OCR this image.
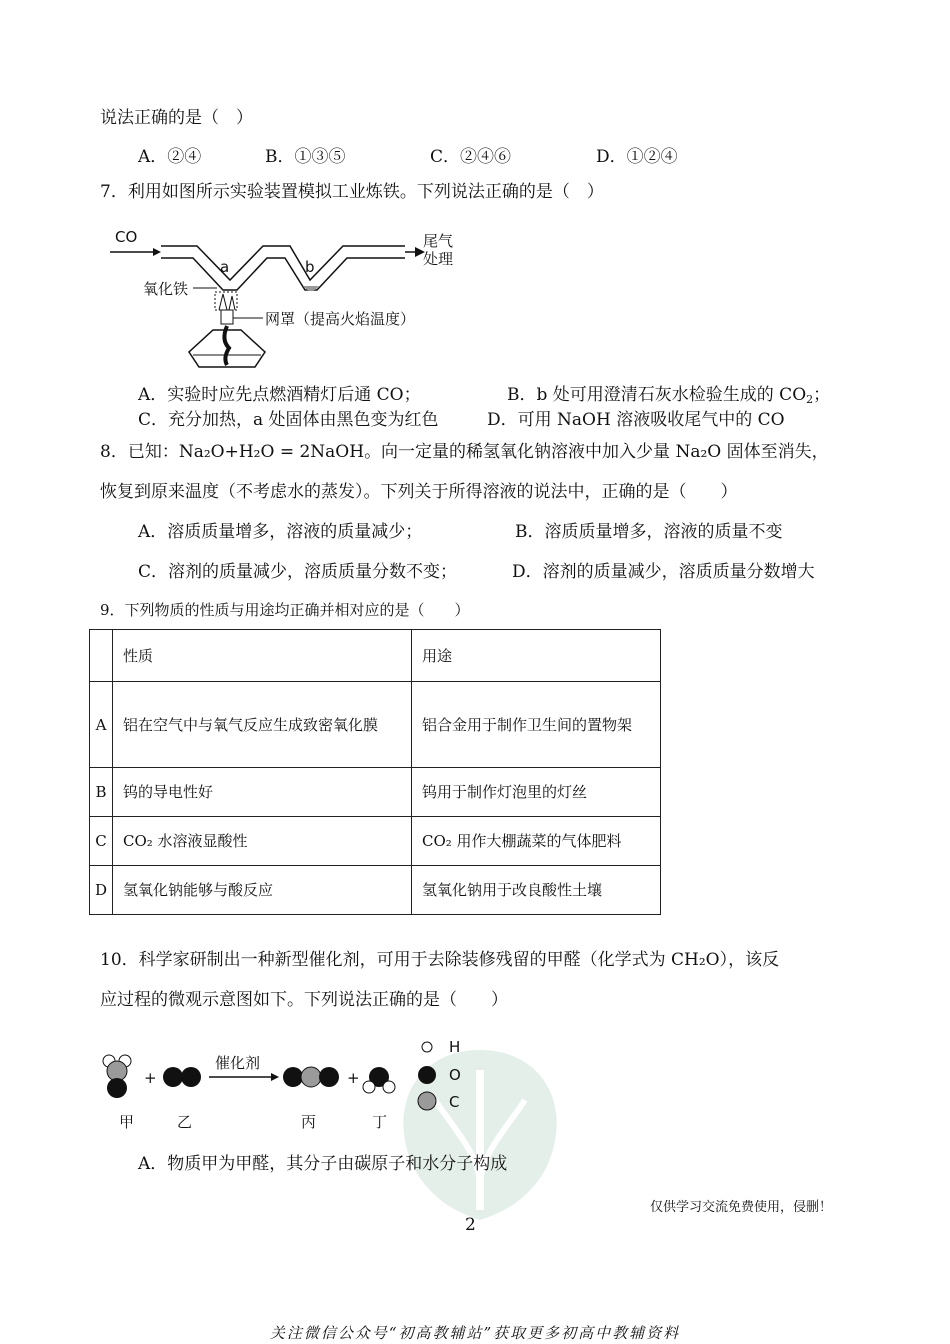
说法正确的是（　）
A．②④	B．①③⑤	C．②④⑥	D．①②④
7．利用如图所示实验装置模拟工业炼铁。下列说法正确的是（　）
CO
a	b
尾气
处理
氧化铁
网罩（提高火焰温度）
A．实验时应先点燃酒精灯后通 CO；	B．b 处可用澄清石灰水检验生成的 $CO_2$；
C．充分加热，a 处固体由黑色变为红色	D．可用 NaOH 溶液吸收尾气中的 CO
8．已知：Na₂O+H₂O = 2NaOH。向一定量的稀氢氧化钠溶液中加入少量 Na₂O 固体至消失，
恢复到原来温度（不考虑水的蒸发）。下列关于所得溶液的说法中，正确的是（　　）
A．溶质质量增多，溶液的质量减少；	B．溶质质量增多，溶液的质量不变
C．溶剂的质量减少，溶质质量分数不变；	D．溶剂的质量减少，溶质质量分数增大
9．下列物质的性质与用途均正确并相对应的是（　　）
	性质	用途
A	铝在空气中与氧气反应生成致密氧化膜	铝合金用于制作卫生间的置物架
B	钨的导电性好	钨用于制作灯泡里的灯丝
C	CO₂ 水溶液显酸性	CO₂ 用作大棚蔬菜的气体肥料
D	氢氧化钠能够与酸反应	氢氧化钠用于改良酸性土壤
10．科学家研制出一种新型催化剂，可用于去除装修残留的甲醛（化学式为 CH₂O），该反
应过程的微观示意图如下。下列说法正确的是（　　）
+
催化剂
+
甲	乙	丙	丁
H
O
C
A．物质甲为甲醛，其分子由碳原子和水分子构成
仅供学习交流免费使用，侵删！
2
关注微信公众号“初高教辅站”获取更多初高中教辅资料
